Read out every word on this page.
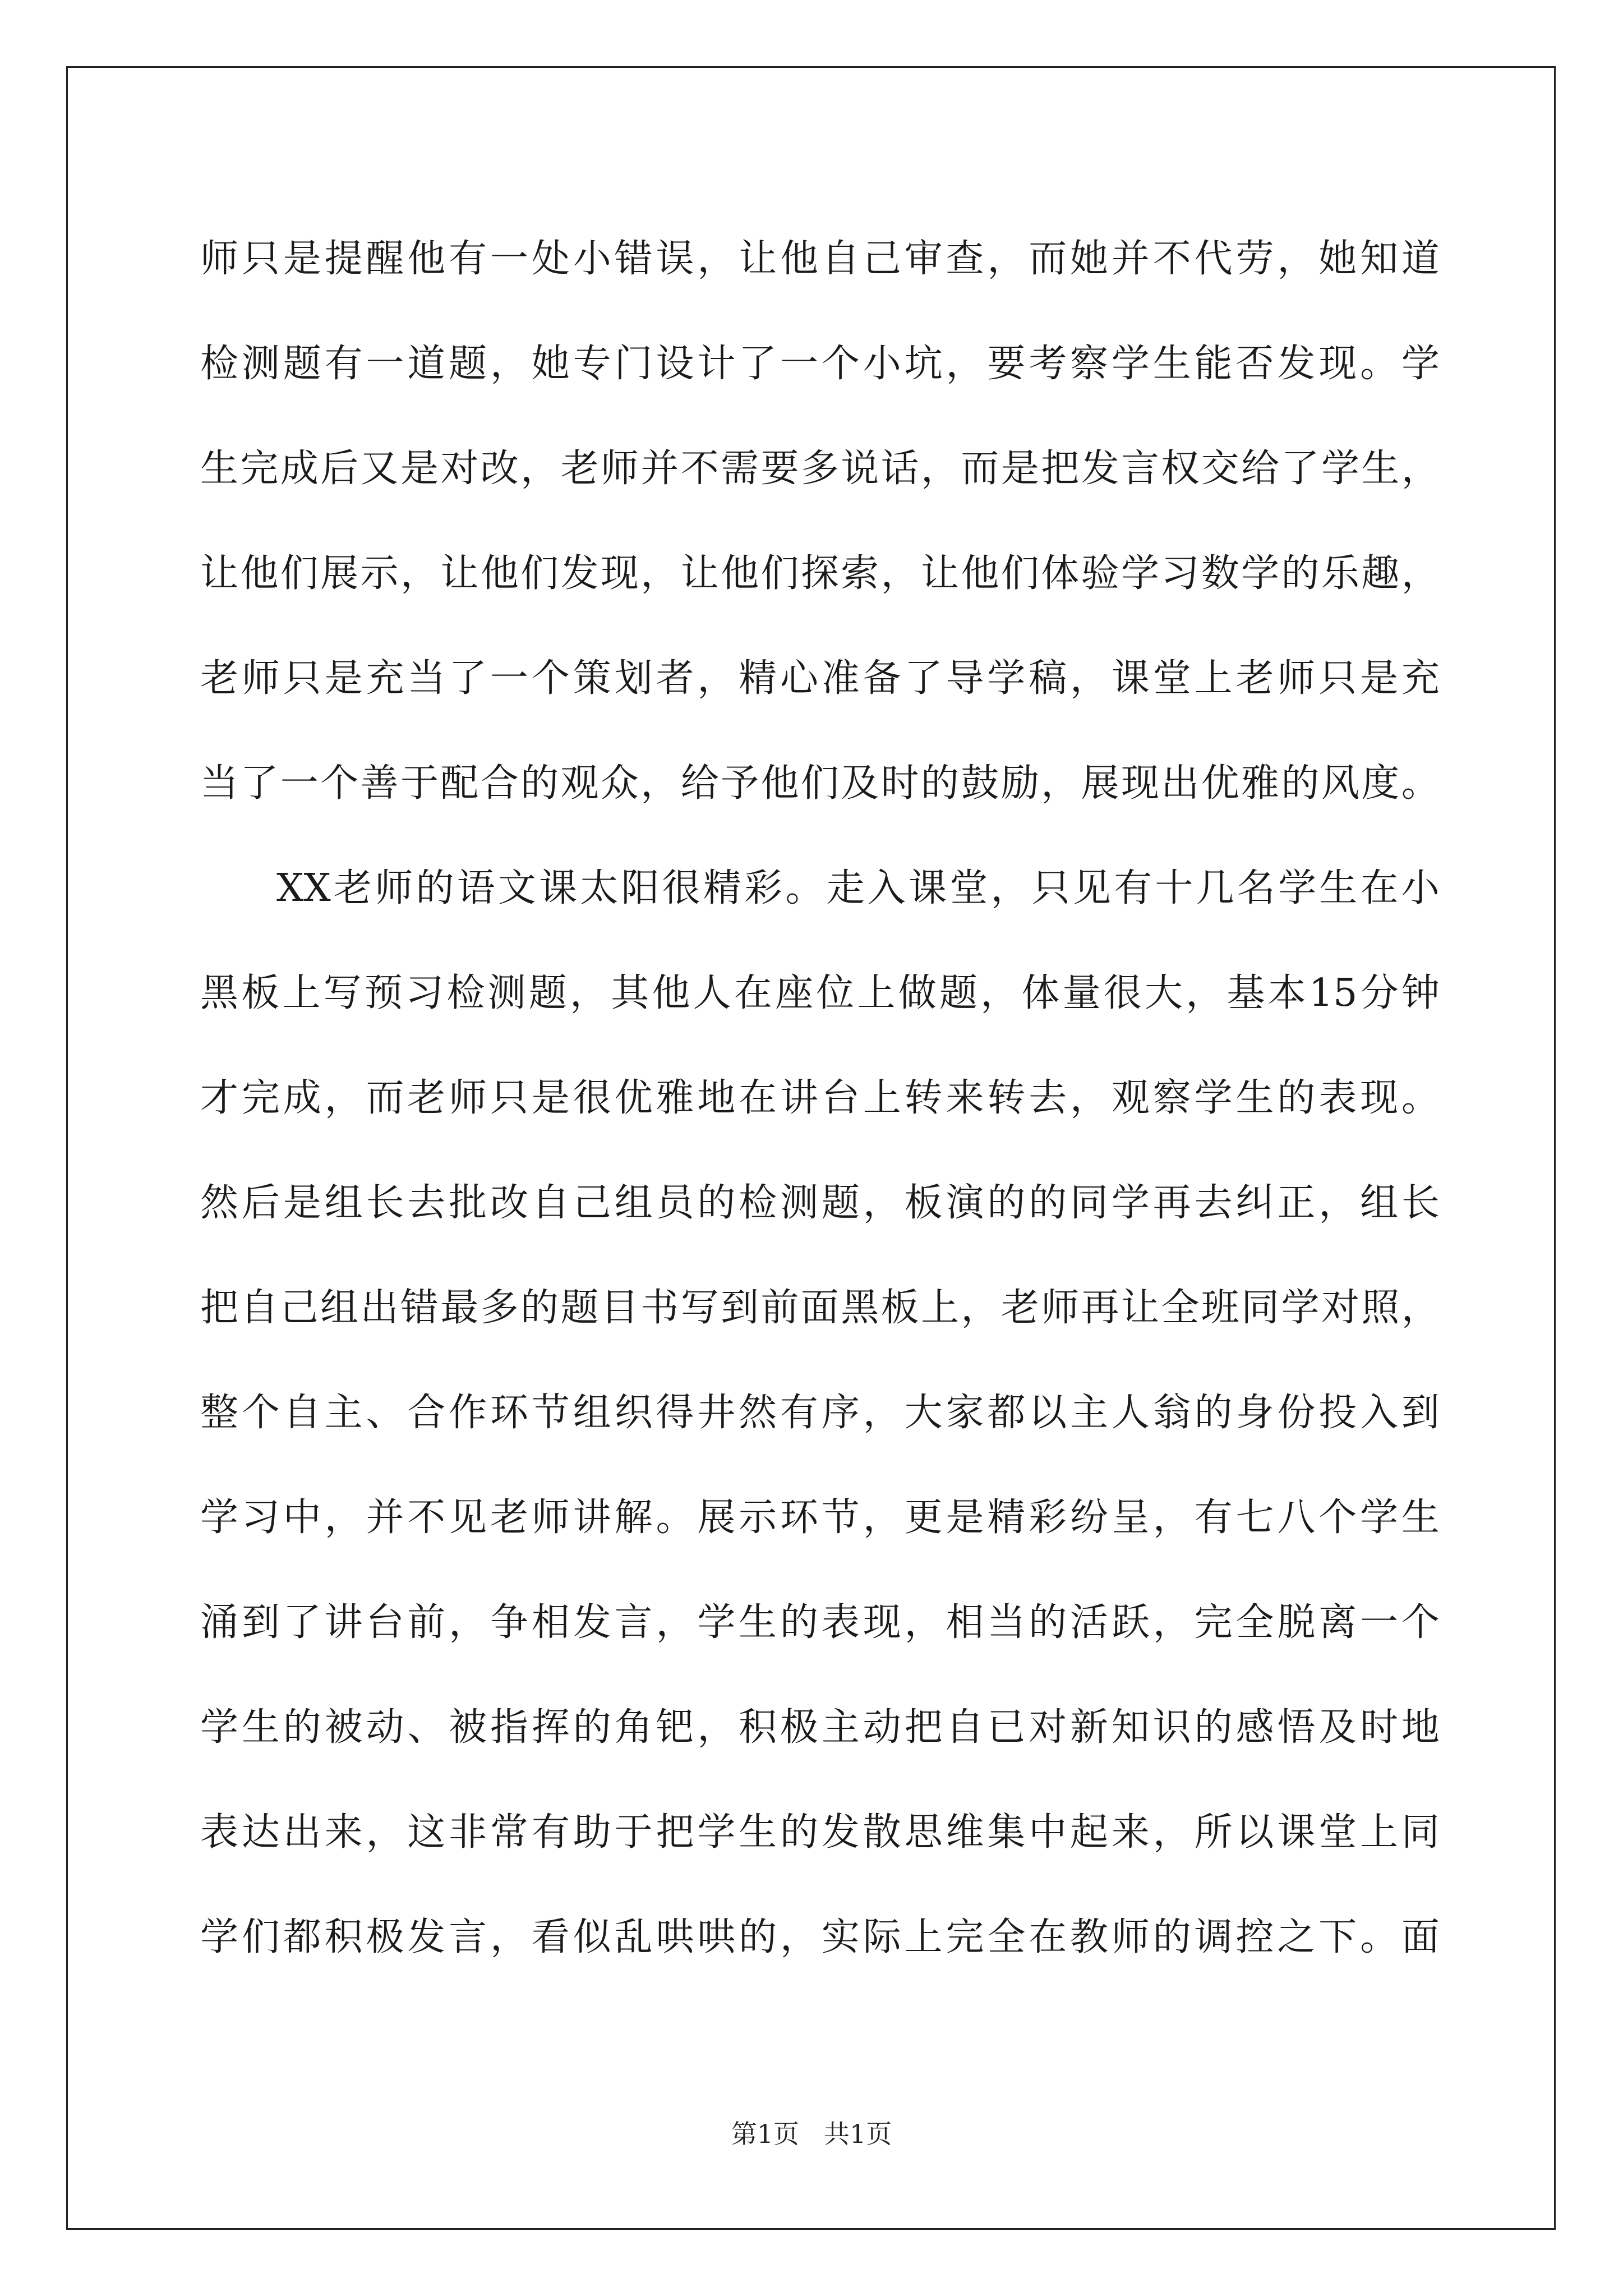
师 只 是 提 醒 他 有 一 处 小 错 误 ， 让 他 自 己 审 查 ， 而 她 并 不 代 劳 ， 她 知 道
检 测 题 有 一 道 题 ， 她 专 门 设 计 了 一 个 小 坑 ， 要 考 察 学 生 能 否 发 现 。 学
生 完 成 后 又 是 对 改 ， 老 师 并 不 需 要 多 说 话 ， 而 是 把 发 言 权 交 给 了 学 生 ，
让 他 们 展 示 ， 让 他 们 发 现 ， 让 他 们 探 索 ， 让 他 们 体 验 学 习 数 学 的 乐 趣 ，
老 师 只 是 充 当 了 一 个 策 划 者 ， 精 心 准 备 了 导 学 稿 ， 课 堂 上 老 师 只 是 充
当 了 一 个 善 于 配 合 的 观 众 ， 给 予 他 们 及 时 的 鼓 励 ， 展 现 出 优 雅 的 风 度 。
XX 老 师 的 语 文 课 太 阳 很 精 彩 。 走 入 课 堂 ， 只 见 有 十 几 名 学 生 在 小
黑 板 上 写 预 习 检 测 题 ， 其 他 人 在 座 位 上 做 题 ， 体 量 很 大 ， 基 本 15 分 钟
才 完 成 ， 而 老 师 只 是 很 优 雅 地 在 讲 台 上 转 来 转 去 ， 观 察 学 生 的 表 现 。
然 后 是 组 长 去 批 改 自 己 组 员 的 检 测 题 ， 板 演 的 的 同 学 再 去 纠 正 ， 组 长
把 自 己 组 出 错 最 多 的 题 目 书 写 到 前 面 黑 板 上 ， 老 师 再 让 全 班 同 学 对 照 ，
整 个 自 主 、 合 作 环 节 组 织 得 井 然 有 序 ， 大 家 都 以 主 人 翁 的 身 份 投 入 到
学 习 中 ， 并 不 见 老 师 讲 解 。 展 示 环 节 ， 更 是 精 彩 纷 呈 ， 有 七 八 个 学 生
涌 到 了 讲 台 前 ， 争 相 发 言 ， 学 生 的 表 现 ， 相 当 的 活 跃 ， 完 全 脱 离 一 个
学 生 的 被 动 、 被 指 挥 的 角 钯 ， 积 极 主 动 把 自 已 对 新 知 识 的 感 悟 及 时 地
表 达 出 来 ， 这 非 常 有 助 于 把 学 生 的 发 散 思 维 集 中 起 来 ， 所 以 课 堂 上 同
学 们 都 积 极 发 言 ， 看 似 乱 哄 哄 的 ， 实 际 上 完 全 在 教 师 的 调 控 之 下 。 面
第1页 共1页
